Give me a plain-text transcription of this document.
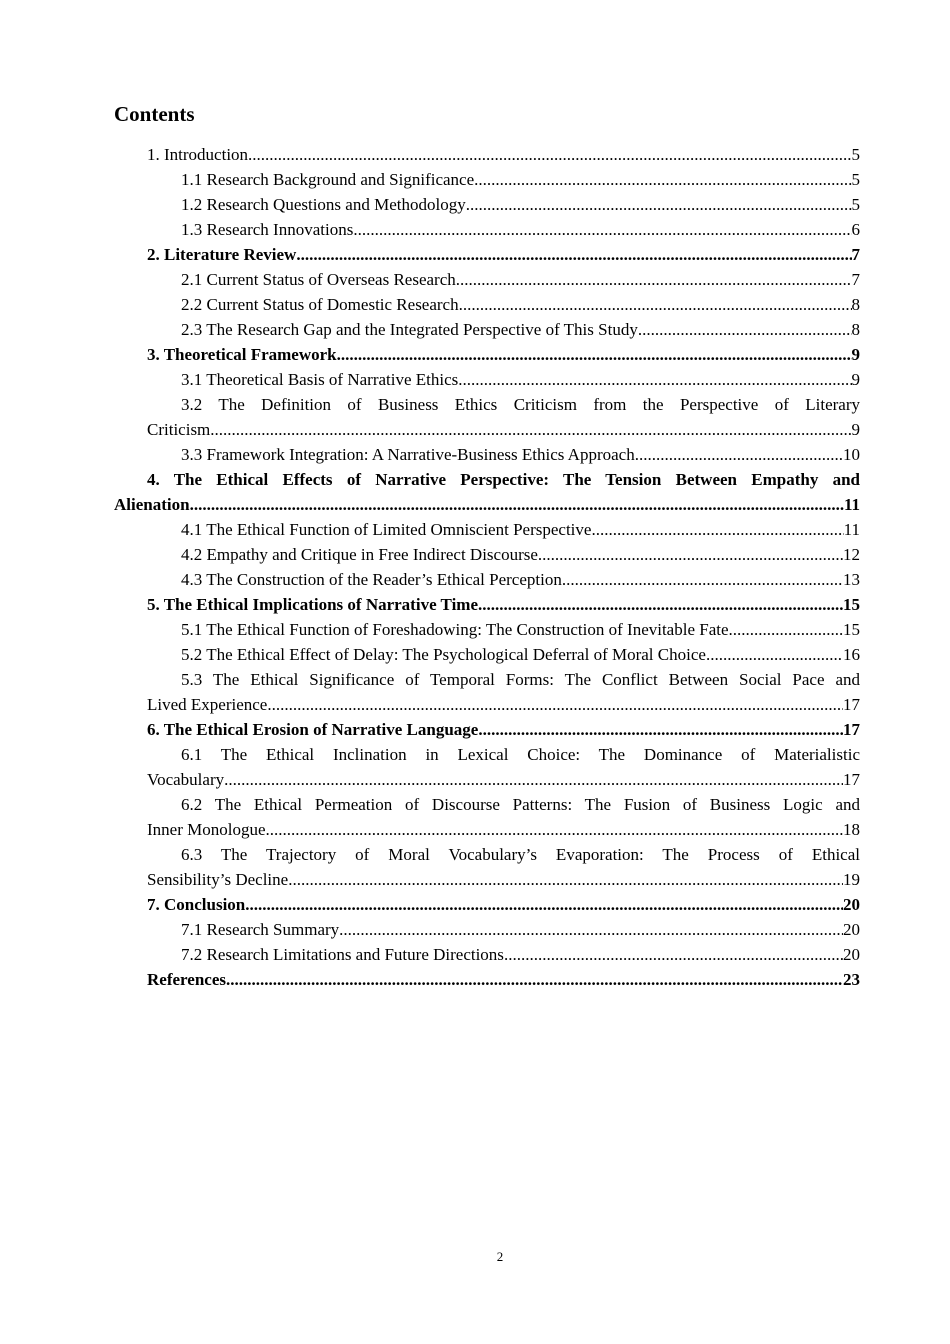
Contents
1. Introduction .....	5
1.1 Research Background and Significance .....	5
1.2 Research Questions and Methodology .....	5
1.3 Research Innovations .....	6
2. Literature Review .....	7
2.1 Current Status of Overseas Research .....	7
2.2 Current Status of Domestic Research .....	8
2.3 The Research Gap and the Integrated Perspective of This Study .....	8
3. Theoretical Framework .....	9
3.1 Theoretical Basis of Narrative Ethics .....	9
3.2 The Definition of Business Ethics Criticism from the Perspective of Literary
Criticism .....	9
3.3 Framework Integration: A Narrative-Business Ethics Approach .....	10
4. The Ethical Effects of Narrative Perspective: The Tension Between Empathy and
Alienation .....	11
4.1 The Ethical Function of Limited Omniscient Perspective .....	11
4.2 Empathy and Critique in Free Indirect Discourse .....	12
4.3 The Construction of the Reader’s Ethical Perception .....	13
5. The Ethical Implications of Narrative Time .....	15
5.1 The Ethical Function of Foreshadowing: The Construction of Inevitable Fate .....	15
5.2 The Ethical Effect of Delay: The Psychological Deferral of Moral Choice .....	16
5.3 The Ethical Significance of Temporal Forms: The Conflict Between Social Pace and
Lived Experience .....	17
6. The Ethical Erosion of Narrative Language .....	17
6.1 The Ethical Inclination in Lexical Choice: The Dominance of Materialistic
Vocabulary .....	17
6.2 The Ethical Permeation of Discourse Patterns: The Fusion of Business Logic and
Inner Monologue .....	18
6.3 The Trajectory of Moral Vocabulary’s Evaporation: The Process of Ethical
Sensibility’s Decline .....	19
7. Conclusion .....	20
7.1 Research Summary .....	20
7.2 Research Limitations and Future Directions .....	20
References .....	23
2
